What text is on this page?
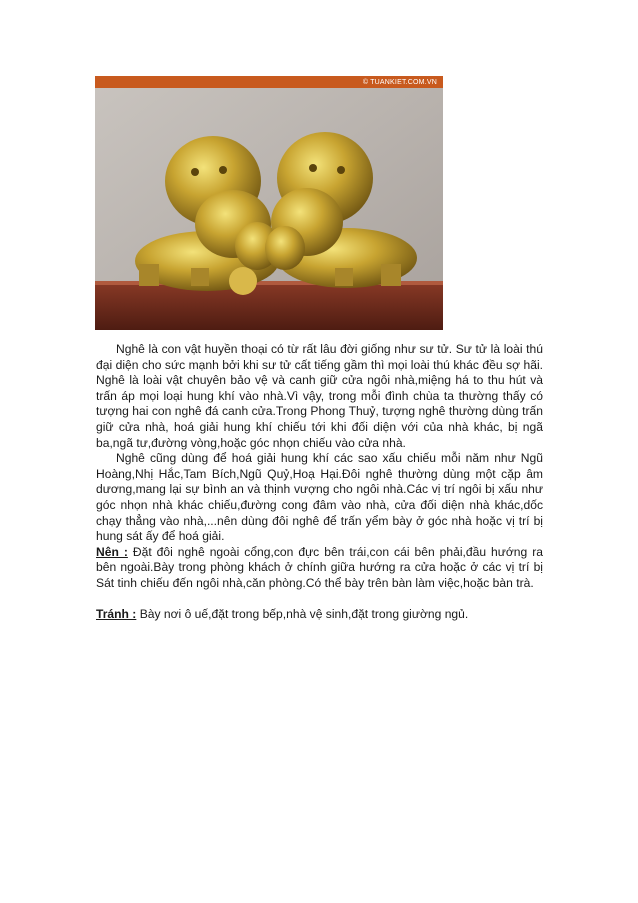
© TUANKIET.COM.VN

Nghê là con vật huyền thoại có từ rất lâu đời giống như sư tử. Sư tử là loài thú đại diện cho sức mạnh bởi khi sư tử cất tiếng gầm thì mọi loài thú khác đều sợ hãi. Nghê là loài vật chuyên bảo vệ và canh giữ cửa ngôi nhà,miệng há to thu hút và trấn áp mọi loại hung khí vào nhà.Vì vậy, trong mỗi đình chùa ta thường thấy có tượng hai con nghê đá canh cửa.Trong Phong Thuỷ, tượng nghê thường dùng trấn giữ cửa nhà, hoá giải hung khí chiếu tới khi đối diện với của nhà khác, bị ngã ba,ngã tư,đường vòng,hoặc góc nhọn chiếu vào cửa nhà.

Nghê cũng dùng để hoá giải hung khí các sao xấu chiếu mỗi năm như Ngũ Hoàng,Nhị Hắc,Tam Bích,Ngũ Quỷ,Hoạ Hại.Đôi nghê thường dùng một cặp âm dương,mang lại sự bình an và thịnh vượng cho ngôi nhà.Các vị trí ngôi bị xấu như góc nhọn nhà khác chiếu,đường cong đâm vào nhà, cửa đối diện nhà khác,dốc chạy thẳng vào nhà,...nên dùng đôi nghê để trấn yểm bày ở góc nhà hoặc vị trí bị hung sát ấy để hoá giải.

Nên : Đặt đôi nghê ngoài cổng,con đực bên trái,con cái bên phải,đầu hướng ra bên ngoài.Bày trong phòng khách ở chính giữa hướng ra cửa hoặc ở các vị trí bị Sát tinh chiếu đến ngôi nhà,căn phòng.Có thể bày trên bàn làm việc,hoặc bàn trà.

Tránh : Bày nơi ô uế,đặt trong bếp,nhà vệ sinh,đặt trong giường ngủ.
